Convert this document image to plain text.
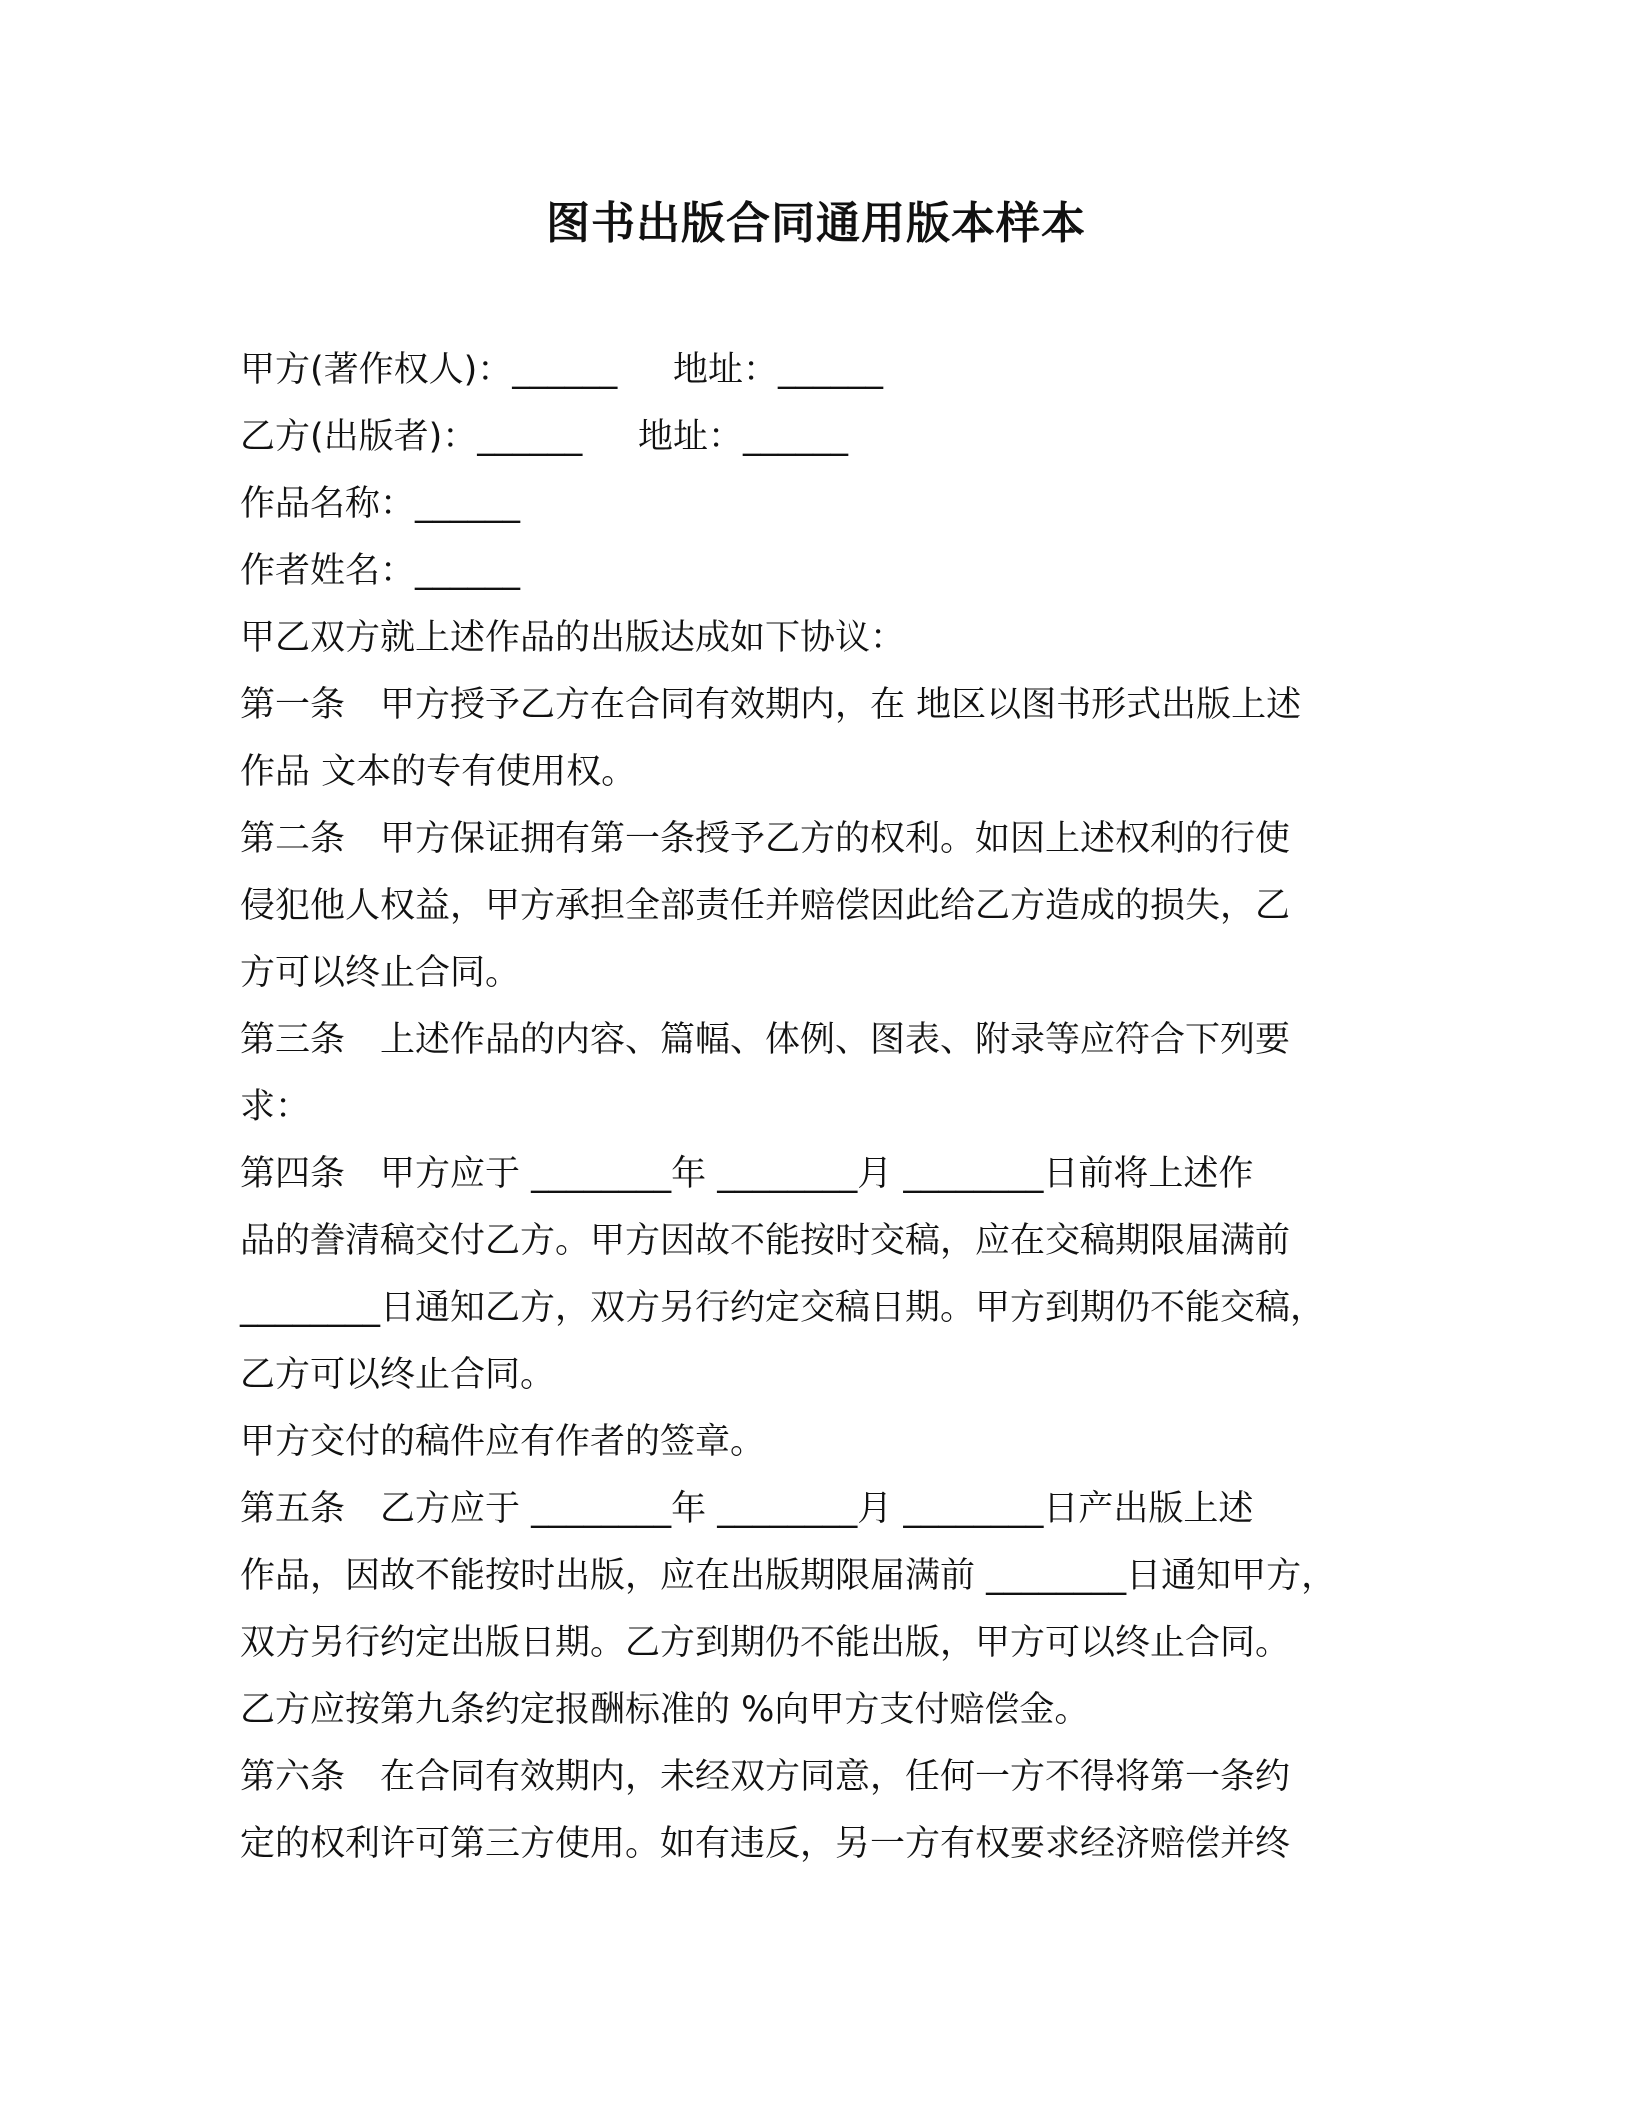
图书出版合同通用版本样本
甲方(著作权人)：______     地址：______
乙方(出版者)：______     地址：______
作品名称：______
作者姓名：______
甲乙双方就上述作品的出版达成如下协议：
第一条　甲方授予乙方在合同有效期内，在 地区以图书形式出版上述
作品 文本的专有使用权。
第二条　甲方保证拥有第一条授予乙方的权利。如因上述权利的行使
侵犯他人权益，甲方承担全部责任并赔偿因此给乙方造成的损失，乙
方可以终止合同。
第三条　上述作品的内容、篇幅、体例、图表、附录等应符合下列要
求：
第四条　甲方应于 ________年 ________月 ________日前将上述作
品的誊清稿交付乙方。甲方因故不能按时交稿，应在交稿期限届满前
________日通知乙方，双方另行约定交稿日期。甲方到期仍不能交稿，
乙方可以终止合同。
甲方交付的稿件应有作者的签章。
第五条　乙方应于 ________年 ________月 ________日产出版上述
作品，因故不能按时出版，应在出版期限届满前 ________日通知甲方，
双方另行约定出版日期。乙方到期仍不能出版，甲方可以终止合同。
乙方应按第九条约定报酬标准的 %向甲方支付赔偿金。
第六条　在合同有效期内，未经双方同意，任何一方不得将第一条约
定的权利许可第三方使用。如有违反，另一方有权要求经济赔偿并终
